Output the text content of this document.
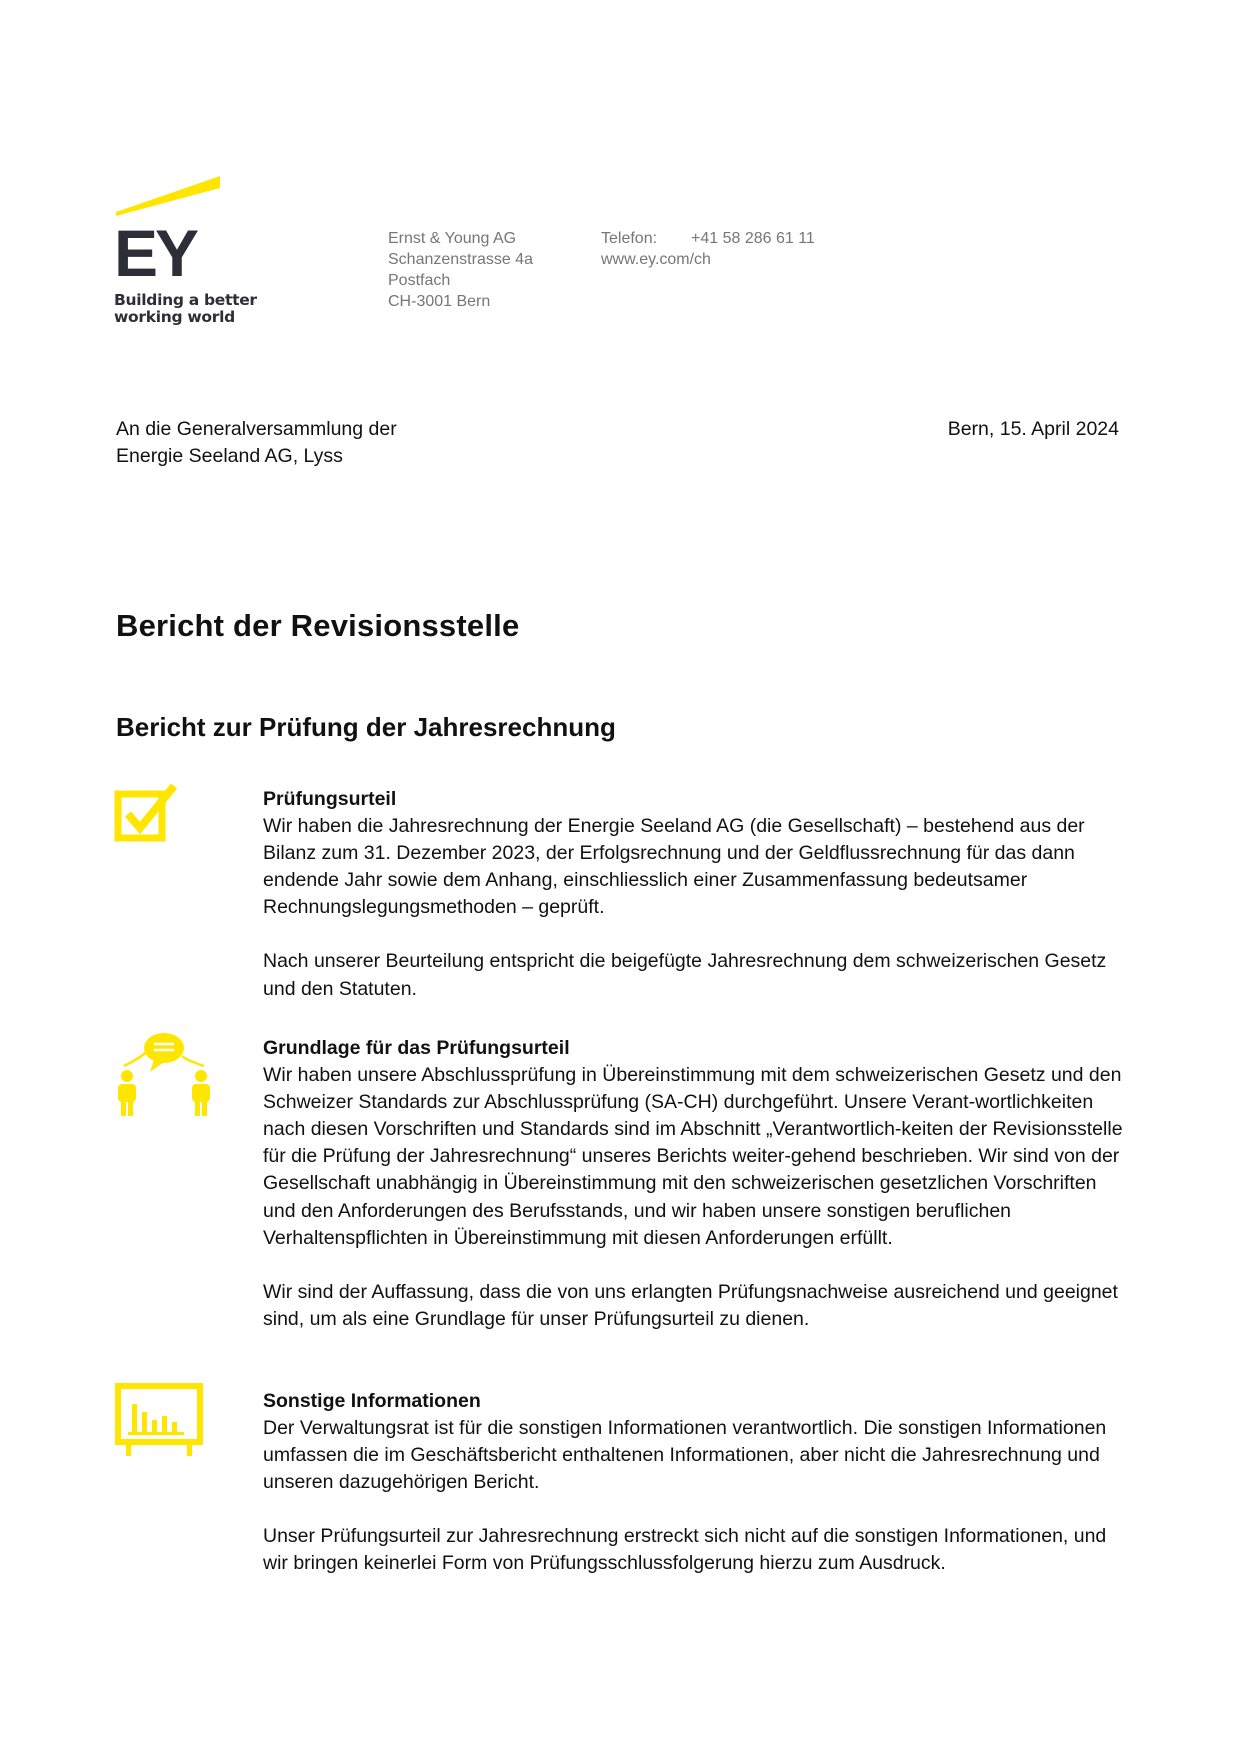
EY
Building a better
working world
Ernst & Young AG
Schanzenstrasse 4a
Postfach
CH-3001 Bern
Telefon:	+41 58 286 61 11
www.ey.com/ch
An die Generalversammlung der
Energie Seeland AG, Lyss
Bern, 15. April 2024
Bericht der Revisionsstelle
Bericht zur Prüfung der Jahresrechnung
Prüfungsurteil

Wir haben die Jahresrechnung der Energie Seeland AG (die Gesellschaft) – bestehend aus der Bilanz zum 31. Dezember 2023, der Erfolgsrechnung und der Geldflussrechnung für das dann endende Jahr sowie dem Anhang, einschliesslich einer Zusammenfassung bedeutsamer Rechnungslegungsmethoden – geprüft.

Nach unserer Beurteilung entspricht die beigefügte Jahresrechnung dem schweizerischen Gesetz und den Statuten.

Grundlage für das Prüfungsurteil

Wir haben unsere Abschlussprüfung in Übereinstimmung mit dem schweizerischen Gesetz und den Schweizer Standards zur Abschlussprüfung (SA-CH) durchgeführt. Unsere Verant-wortlichkeiten nach diesen Vorschriften und Standards sind im Abschnitt „Verantwortlich-keiten der Revisionsstelle für die Prüfung der Jahresrechnung“ unseres Berichts weiter-gehend beschrieben. Wir sind von der Gesellschaft unabhängig in Übereinstimmung mit den schweizerischen gesetzlichen Vorschriften und den Anforderungen des Berufsstands, und wir haben unsere sonstigen beruflichen Verhaltenspflichten in Übereinstimmung mit diesen Anforderungen erfüllt.

Wir sind der Auffassung, dass die von uns erlangten Prüfungsnachweise ausreichend und geeignet sind, um als eine Grundlage für unser Prüfungsurteil zu dienen.

Sonstige Informationen

Der Verwaltungsrat ist für die sonstigen Informationen verantwortlich. Die sonstigen Informationen umfassen die im Geschäftsbericht enthaltenen Informationen, aber nicht die Jahresrechnung und unseren dazugehörigen Bericht.

Unser Prüfungsurteil zur Jahresrechnung erstreckt sich nicht auf die sonstigen Informationen, und wir bringen keinerlei Form von Prüfungsschlussfolgerung hierzu zum Ausdruck.
